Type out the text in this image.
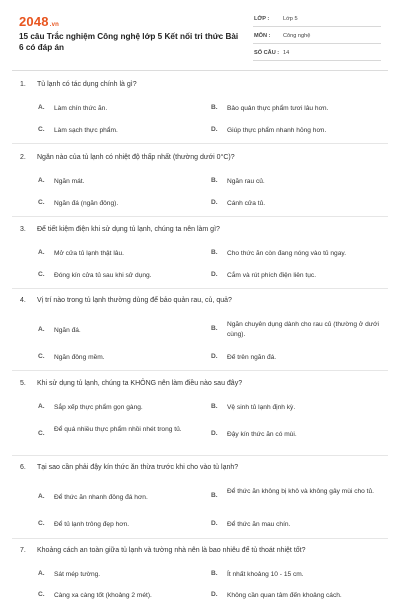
2048.vn
15 câu Trắc nghiệm Công nghệ lớp 5 Kết nối tri thức Bài 6 có đáp án
LỚP : Lớp 5
MÔN : Công nghệ
SỐ CÂU : 14
1. Tủ lạnh có tác dụng chính là gì?
A. Làm chín thức ăn.	B. Bảo quản thực phẩm tươi lâu hơn.
C. Làm sạch thực phẩm.	D. Giúp thực phẩm nhanh hỏng hơn.
2. Ngăn nào của tủ lạnh có nhiệt độ thấp nhất (thường dưới 0°C)?
A. Ngăn mát.	B. Ngăn rau củ.
C. Ngăn đá (ngăn đông).	D. Cánh cửa tủ.
3. Để tiết kiệm điện khi sử dụng tủ lạnh, chúng ta nên làm gì?
A. Mở cửa tủ lạnh thật lâu.	B. Cho thức ăn còn đang nóng vào tủ ngay.
C. Đóng kín cửa tủ sau khi sử dụng.	D. Cắm và rút phích điện liên tục.
4. Vị trí nào trong tủ lạnh thường dùng để bảo quản rau, củ, quả?
A. Ngăn đá.	B.
Ngăn chuyên dụng dành cho rau củ (thường ở dưới cùng).
C. Ngăn đông mềm.	D. Đế trên ngăn đá.
5. Khi sử dụng tủ lạnh, chúng ta KHÔNG nên làm điều nào sau đây?
A. Sắp xếp thực phẩm gọn gàng.	B. Vệ sinh tủ lạnh định kỳ.
C.
Để quá nhiều thực phẩm nhồi nhét trong tủ.
D. Đậy kín thức ăn có mùi.
6. Tại sao cần phải đậy kín thức ăn thừa trước khi cho vào tủ lạnh?
A. Để thức ăn nhanh đông đá hơn.	B.
Để thức ăn không bị khô và không gây mùi cho tủ.
C. Để tủ lạnh trông đẹp hơn.	D. Để thức ăn mau chín.
7. Khoảng cách an toàn giữa tủ lạnh và tường nhà nên là bao nhiêu để tủ thoát nhiệt tốt?
A. Sát mép tường.	B. Ít nhất khoảng 10 - 15 cm.
C. Càng xa càng tốt (khoảng 2 mét).	D. Không cần quan tâm đến khoảng cách.
